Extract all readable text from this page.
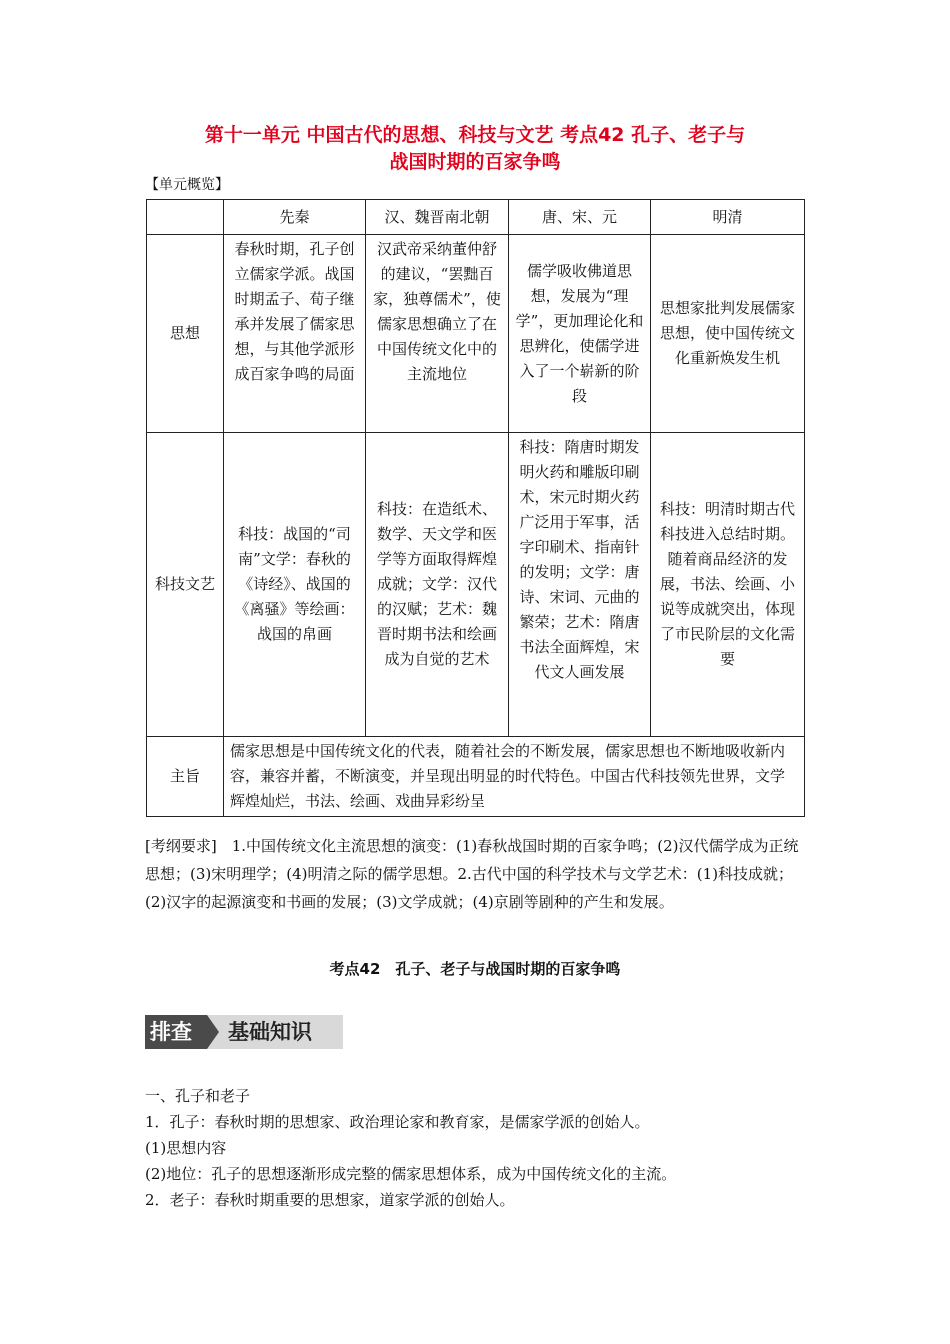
第十一单元 中国古代的思想、科技与文艺 考点42 孔子、老子与
战国时期的百家争鸣
【单元概览】
	先秦	汉、魏晋南北朝	唐、宋、元	明清
思想	春秋时期，孔子创立儒家学派。战国时期孟子、荀子继承并发展了儒家思想，与其他学派形成百家争鸣的局面	汉武帝采纳董仲舒的建议，“罢黜百家，独尊儒术”，使儒家思想确立了在中国传统文化中的主流地位	儒学吸收佛道思想，发展为“理学”，更加理论化和思辨化，使儒学进入了一个崭新的阶段	思想家批判发展儒家思想，使中国传统文化重新焕发生机
科技文艺	科技：战国的“司南”文学：春秋的《诗经》、战国的《离骚》等绘画：战国的帛画	科技：在造纸术、数学、天文学和医学等方面取得辉煌成就；文学：汉代的汉赋；艺术：魏晋时期书法和绘画成为自觉的艺术	科技：隋唐时期发明火药和雕版印刷术，宋元时期火药广泛用于军事，活字印刷术、指南针的发明；文学：唐诗、宋词、元曲的繁荣；艺术：隋唐书法全面辉煌，宋代文人画发展	科技：明清时期古代科技进入总结时期。随着商品经济的发展，书法、绘画、小说等成就突出，体现了市民阶层的文化需要
主旨	儒家思想是中国传统文化的代表，随着社会的不断发展，儒家思想也不断地吸收新内容，兼容并蓄，不断演变，并呈现出明显的时代特色。中国古代科技领先世界，文学辉煌灿烂，书法、绘画、戏曲异彩纷呈			
[考纲要求]　1.中国传统文化主流思想的演变：(1)春秋战国时期的百家争鸣；(2)汉代儒学成为正统思想；(3)宋明理学；(4)明清之际的儒学思想。2.古代中国的科学技术与文学艺术：(1)科技成就；(2)汉字的起源演变和书画的发展；(3)文学成就；(4)京剧等剧种的产生和发展。
考点42　孔子、老子与战国时期的百家争鸣
排查 基础知识
一、孔子和老子
1．孔子：春秋时期的思想家、政治理论家和教育家，是儒家学派的创始人。
(1)思想内容
(2)地位：孔子的思想逐渐形成完整的儒家思想体系，成为中国传统文化的主流。
2．老子：春秋时期重要的思想家，道家学派的创始人。
